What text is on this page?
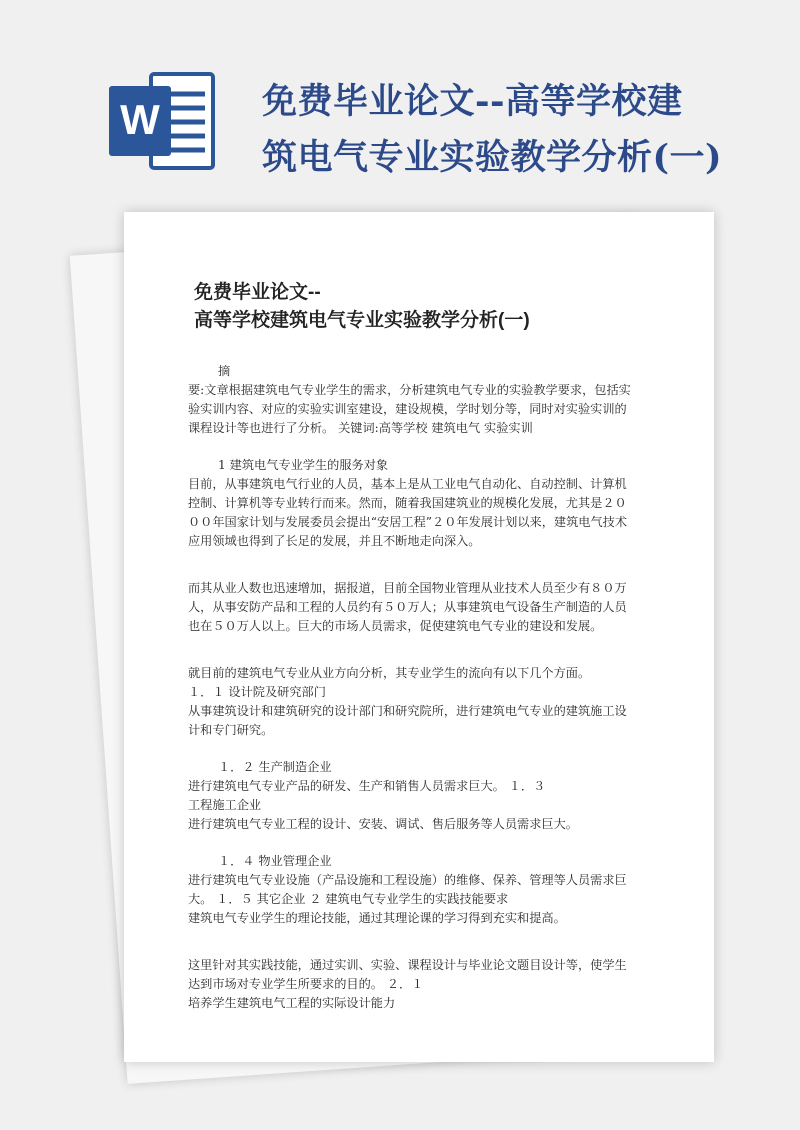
W	免费毕业论文--高等学校建
筑电气专业实验教学分析(一)
免费毕业论文--
高等学校建筑电气专业实验教学分析(一)

摘

要:文章根据建筑电气专业学生的需求，分析建筑电气专业的实验教学要求，包括实验实训内容、对应的实验实训室建设，建设规模，学时划分等，同时对实验实训的课程设计等也进行了分析。 关键词:高等学校 建筑电气 实验实训

1 建筑电气专业学生的服务对象

目前，从事建筑电气行业的人员，基本上是从工业电气自动化、自动控制、计算机控制、计算机等专业转行而来。然而，随着我国建筑业的规模化发展，尤其是２０００年国家计划与发展委员会提出“安居工程”２０年发展计划以来，建筑电气技术应用领域也得到了长足的发展，并且不断地走向深入。

而其从业人数也迅速增加，据报道，目前全国物业管理从业技术人员至少有８０万人，从事安防产品和工程的人员约有５０万人；从事建筑电气设备生产制造的人员也在５０万人以上。巨大的市场人员需求，促使建筑电气专业的建设和发展。

就目前的建筑电气专业从业方向分析，其专业学生的流向有以下几个方面。

１．１ 设计院及研究部门

从事建筑设计和建筑研究的设计部门和研究院所，进行建筑电气专业的建筑施工设计和专门研究。

１．２ 生产制造企业

进行建筑电气专业产品的研发、生产和销售人员需求巨大。 １．３

工程施工企业

进行建筑电气专业工程的设计、安装、调试、售后服务等人员需求巨大。

１．４ 物业管理企业

进行建筑电气专业设施（产品设施和工程设施）的维修、保养、管理等人员需求巨大。 １．５ 其它企业 ２ 建筑电气专业学生的实践技能要求

建筑电气专业学生的理论技能，通过其理论课的学习得到充实和提高。

这里针对其实践技能，通过实训、实验、课程设计与毕业论文题目设计等，使学生达到市场对专业学生所要求的目的。 ２．１

培养学生建筑电气工程的实际设计能力
